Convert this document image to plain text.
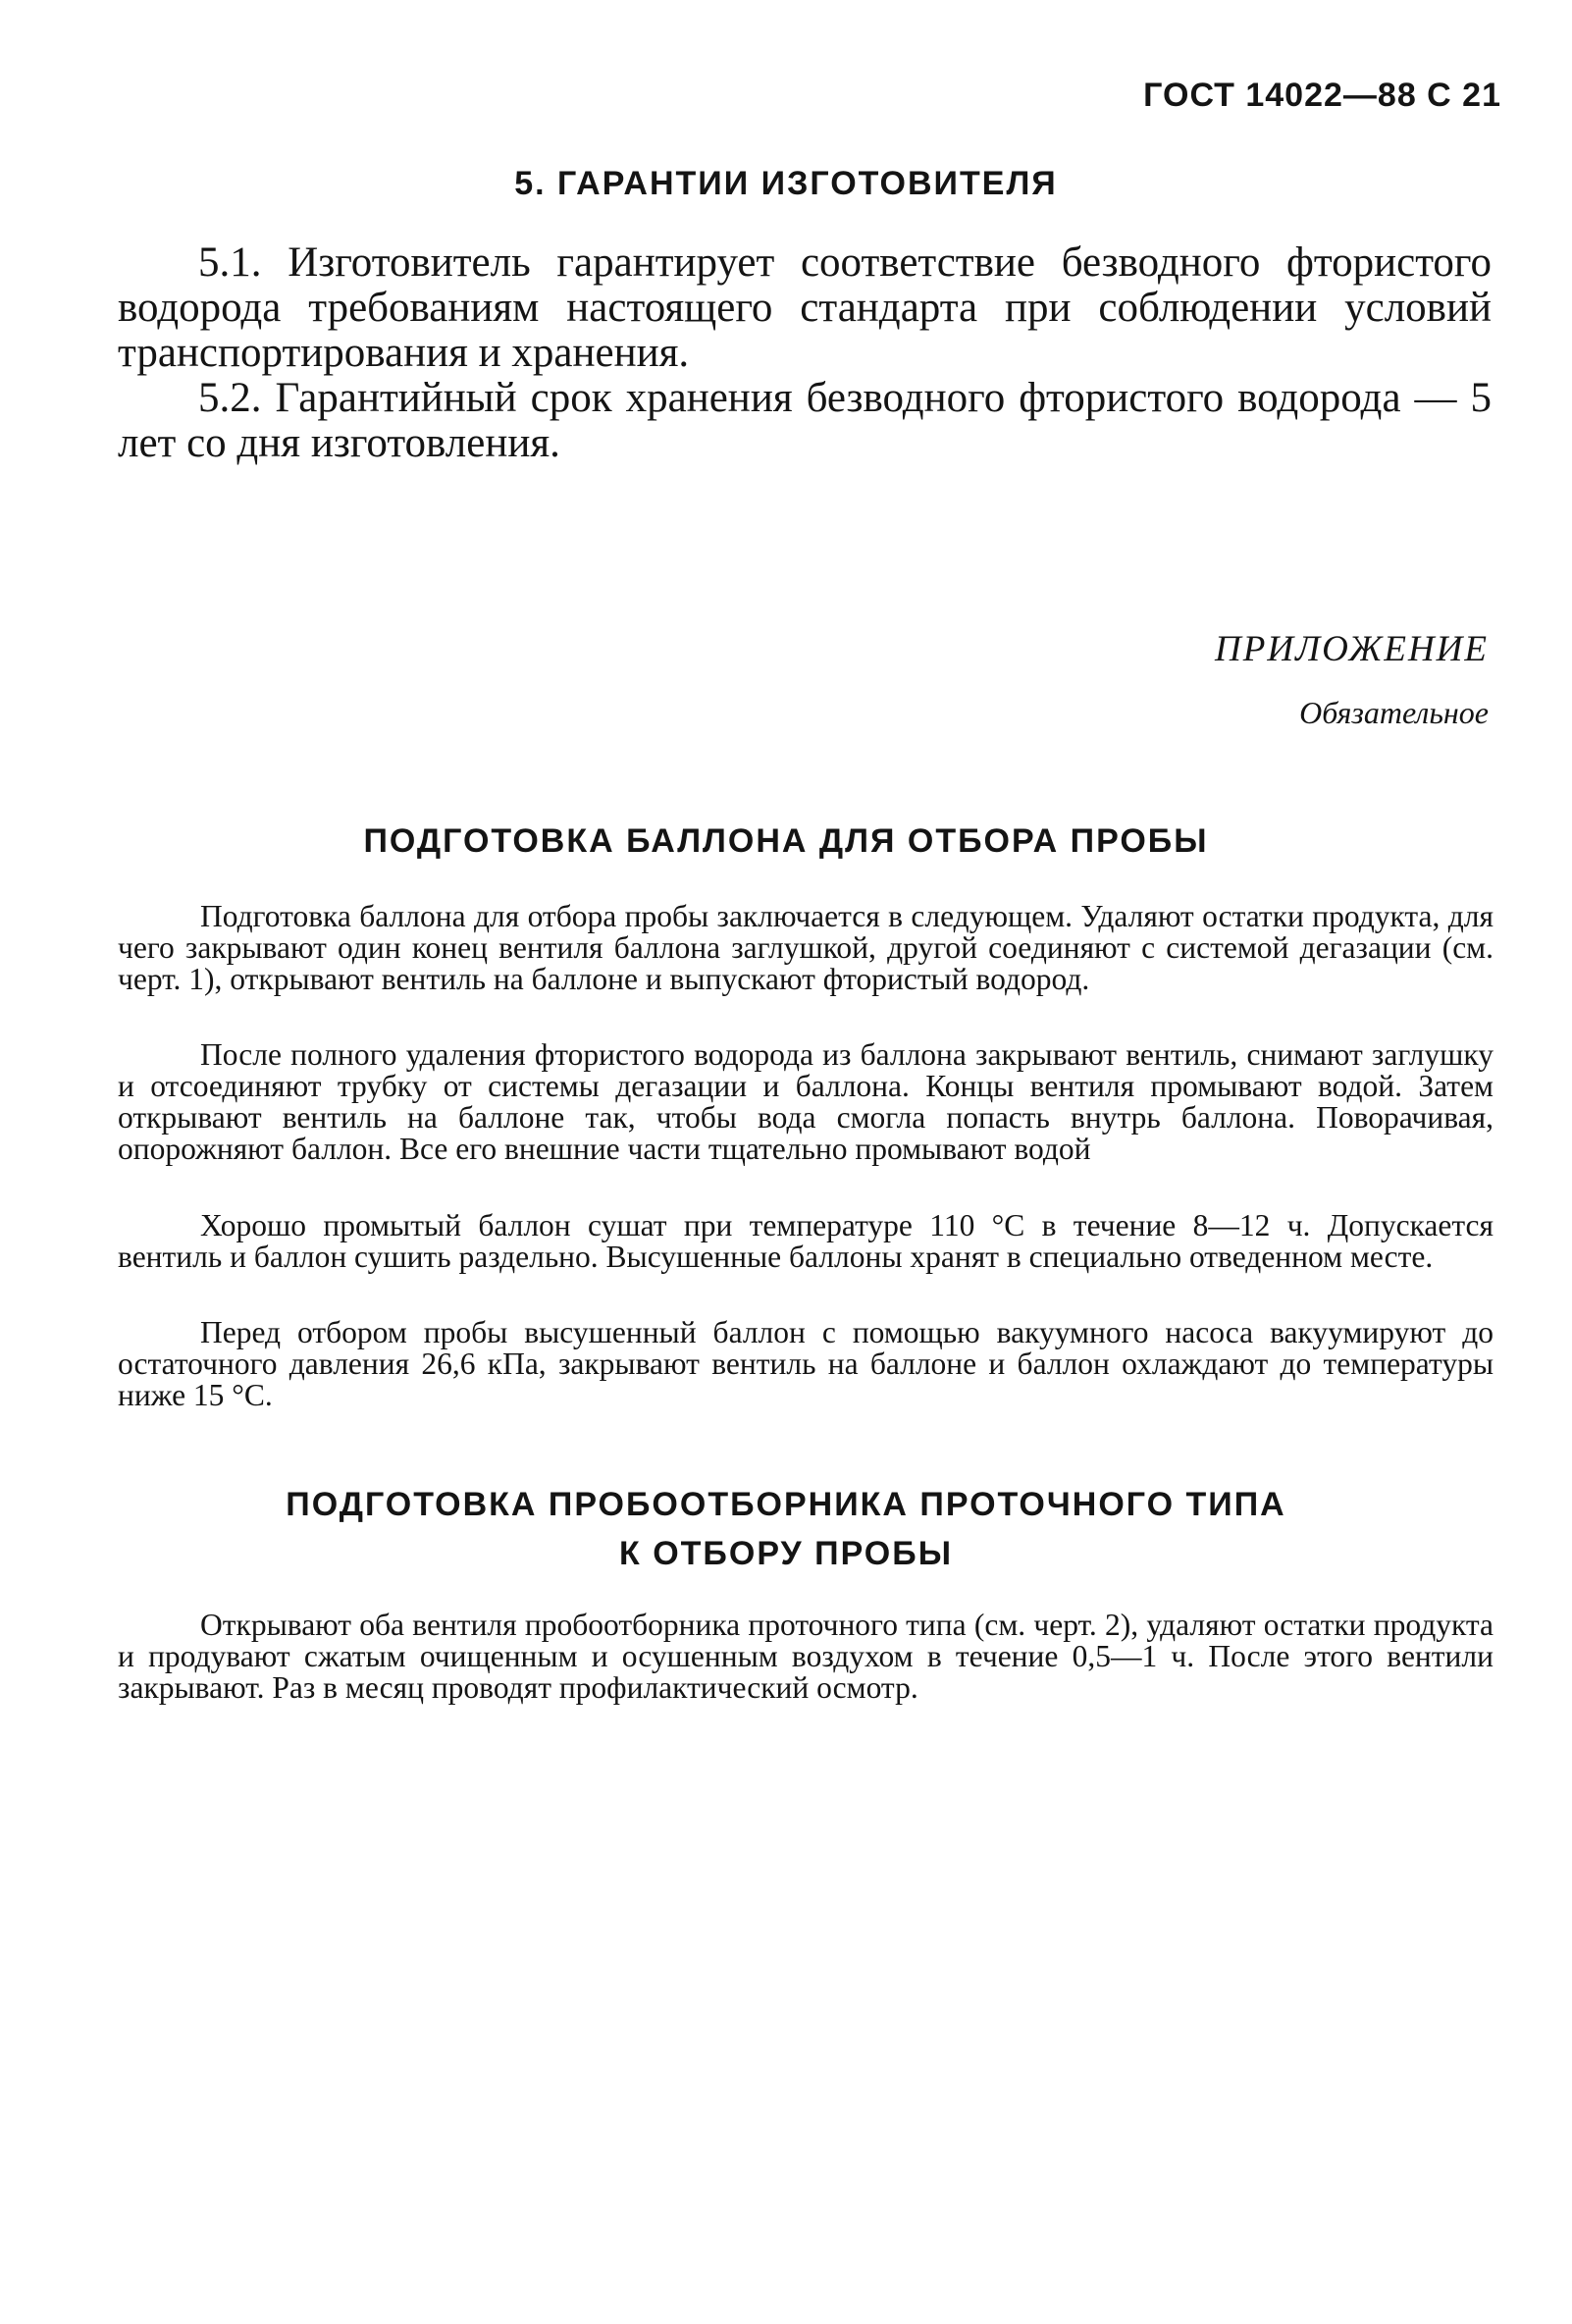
ГОСТ 14022—88 С 21
5. ГАРАНТИИ ИЗГОТОВИТЕЛЯ

5.1. Изготовитель гарантирует соответствие безводного фтористого водорода требованиям настоящего стандарта при соблюдении условий транспортирования и хранения.

5.2. Гарантийный срок хранения безводного фтористого водорода — 5 лет со дня изготовления.

ПРИЛОЖЕНИЕ
Обязательное
ПОДГОТОВКА БАЛЛОНА ДЛЯ ОТБОРА ПРОБЫ

Подготовка баллона для отбора пробы заключается в следующем. Удаляют остатки продукта, для чего закрывают один конец вентиля баллона заглушкой, другой соединяют с системой дегазации (см. черт. 1), открывают вентиль на баллоне и выпускают фтористый водород.

После полного удаления фтористого водорода из баллона закрывают вентиль, снимают заглушку и отсоединяют трубку от системы дегазации и баллона. Концы вентиля промывают водой. Затем открывают вентиль на баллоне так, чтобы вода смогла попасть внутрь баллона. Поворачивая, опорожняют баллон. Все его внешние части тщательно промывают водой

Хорошо промытый баллон сушат при температуре 110 °С в течение 8—12 ч. Допускается вентиль и баллон сушить раздельно. Высушенные баллоны хранят в специально отведенном месте.

Перед отбором пробы высушенный баллон с помощью вакуумного насоса вакуумируют до остаточного давления 26,6 кПа, закрывают вентиль на баллоне и баллон охлаждают до температуры ниже 15 °С.

ПОДГОТОВКА ПРОБООТБОРНИКА ПРОТОЧНОГО ТИПА
К ОТБОРУ ПРОБЫ

Открывают оба вентиля пробоотборника проточного типа (см. черт. 2), удаляют остатки продукта и продувают сжатым очищенным и осушенным воздухом в течение 0,5—1 ч. После этого вентили закрывают. Раз в месяц проводят профилактический осмотр.
